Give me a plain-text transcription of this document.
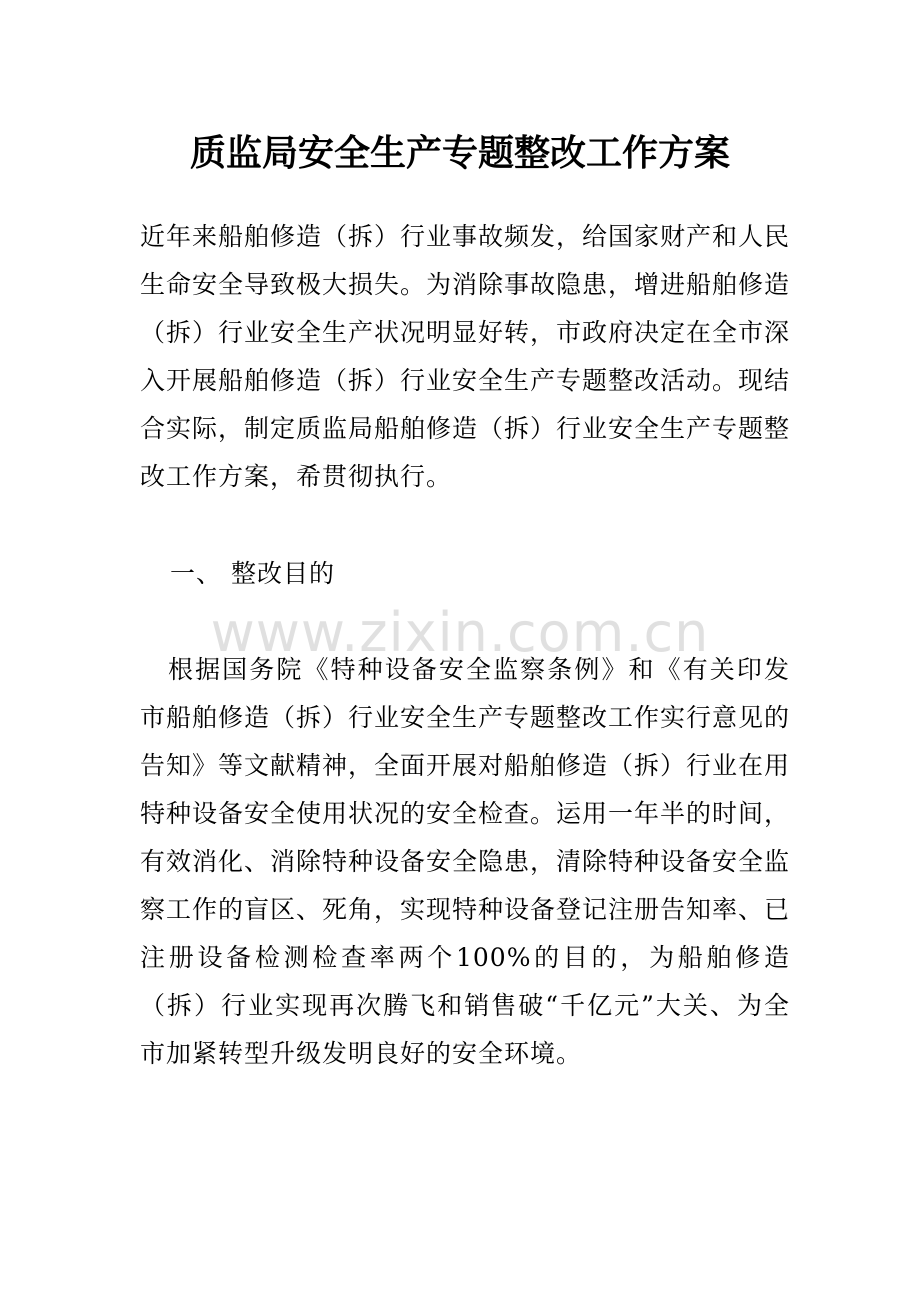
质监局安全生产专题整改工作方案

近年来船舶修造（拆）行业事故频发，给国家财产和人民生命安全导致极大损失。为消除事故隐患，增进船舶修造（拆）行业安全生产状况明显好转，市政府决定在全市深入开展船舶修造（拆）行业安全生产专题整改活动。现结合实际，制定质监局船舶修造（拆）行业安全生产专题整改工作方案，希贯彻执行。

一、 整改目的

www.zixin.com.cn

根据国务院《特种设备安全监察条例》和《有关印发市船舶修造（拆）行业安全生产专题整改工作实行意见的告知》等文献精神，全面开展对船舶修造（拆）行业在用特种设备安全使用状况的安全检查。运用一年半的时间，有效消化、消除特种设备安全隐患，清除特种设备安全监察工作的盲区、死角，实现特种设备登记注册告知率、已注册设备检测检查率两个100%的目的，为船舶修造（拆）行业实现再次腾飞和销售破“千亿元”大关、为全市加紧转型升级发明良好的安全环境。
